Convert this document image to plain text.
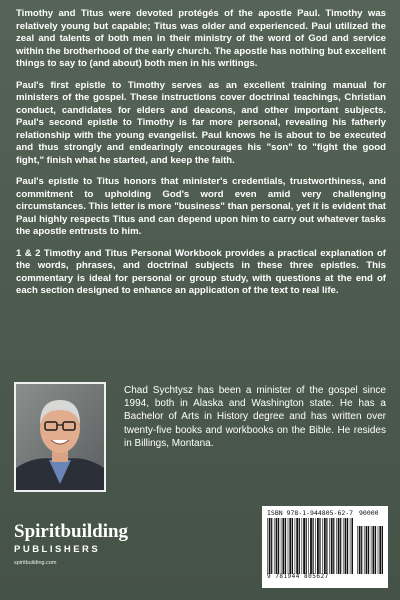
Timothy and Titus were devoted protégés of the apostle Paul. Timothy was relatively young but capable; Titus was older and experienced. Paul utilized the zeal and talents of both men in their ministry of the word of God and service within the brotherhood of the early church. The apostle has nothing but excellent things to say to (and about) both men in his writings.

Paul's first epistle to Timothy serves as an excellent training manual for ministers of the gospel. These instructions cover doctrinal teachings, Christian conduct, candidates for elders and deacons, and other important subjects. Paul's second epistle to Timothy is far more personal, revealing his fatherly relationship with the young evangelist. Paul knows he is about to be executed and thus strongly and endearingly encourages his "son" to "fight the good fight," finish what he started, and keep the faith.

Paul's epistle to Titus honors that minister's credentials, trustworthiness, and commitment to upholding God's word even amid very challenging circumstances. This letter is more "business" than personal, yet it is evident that Paul highly respects Titus and can depend upon him to carry out whatever tasks the apostle entrusts to him.

1 & 2 Timothy and Titus Personal Workbook provides a practical explanation of the words, phrases, and doctrinal subjects in these three epistles. This commentary is ideal for personal or group study, with questions at the end of each section designed to enhance an application of the text to real life.

Chad Sychtysz has been a minister of the gospel since 1994, both in Alaska and Washington state. He has a Bachelor of Arts in History degree and has written over twenty-five books and workbooks on the Bible. He resides in Billings, Montana.
Spiritbuilding
PUBLISHERS
spiritbuilding.com
ISBN 978-1-944805-62-7 90000
9 781944 805627
